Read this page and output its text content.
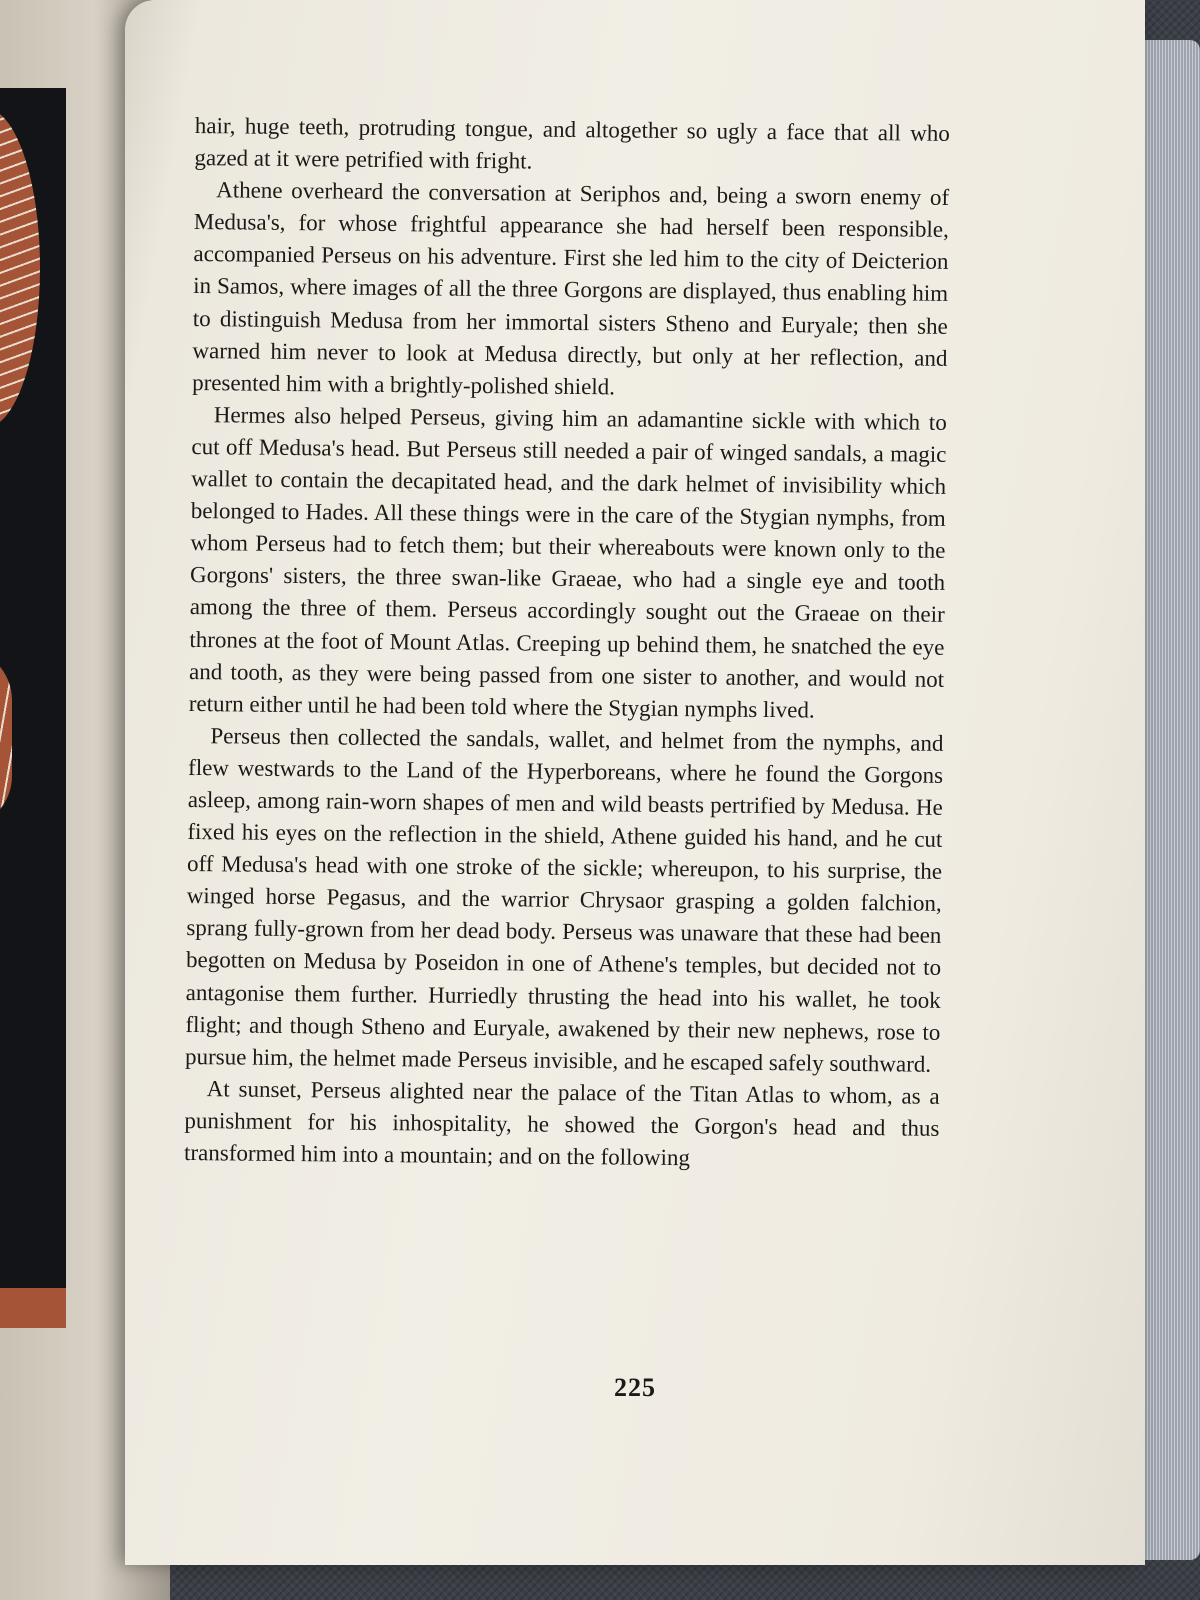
hair, huge teeth, protruding tongue, and altogether so ugly a face that all who gazed at it were petrified with fright.

Athene overheard the conversation at Seriphos and, being a sworn enemy of Medusa's, for whose frightful appearance she had herself been responsible, accompanied Perseus on his adventure. First she led him to the city of Deicterion in Samos, where images of all the three Gorgons are displayed, thus enabling him to distinguish Medusa from her immortal sisters Stheno and Euryale; then she warned him never to look at Medusa directly, but only at her reflection, and presented him with a brightly-polished shield.

Hermes also helped Perseus, giving him an adamantine sickle with which to cut off Medusa's head. But Perseus still needed a pair of winged sandals, a magic wallet to contain the decapitated head, and the dark helmet of invisibility which belonged to Hades. All these things were in the care of the Stygian nymphs, from whom Perseus had to fetch them; but their whereabouts were known only to the Gorgons' sisters, the three swan-like Graeae, who had a single eye and tooth among the three of them. Perseus accordingly sought out the Graeae on their thrones at the foot of Mount Atlas. Creeping up behind them, he snatched the eye and tooth, as they were being passed from one sister to another, and would not return either until he had been told where the Stygian nymphs lived.

Perseus then collected the sandals, wallet, and helmet from the nymphs, and flew westwards to the Land of the Hyperboreans, where he found the Gorgons asleep, among rain-worn shapes of men and wild beasts pertrified by Medusa. He fixed his eyes on the reflection in the shield, Athene guided his hand, and he cut off Medusa's head with one stroke of the sickle; whereupon, to his surprise, the winged horse Pegasus, and the warrior Chrysaor grasping a golden falchion, sprang fully-grown from her dead body. Perseus was unaware that these had been begotten on Medusa by Poseidon in one of Athene's temples, but decided not to antagonise them further. Hurriedly thrusting the head into his wallet, he took flight; and though Stheno and Euryale, awakened by their new nephews, rose to pursue him, the helmet made Perseus invisible, and he escaped safely southward.

At sunset, Perseus alighted near the palace of the Titan Atlas to whom, as a punishment for his inhospitality, he showed the Gorgon's head and thus transformed him into a mountain; and on the following

225
